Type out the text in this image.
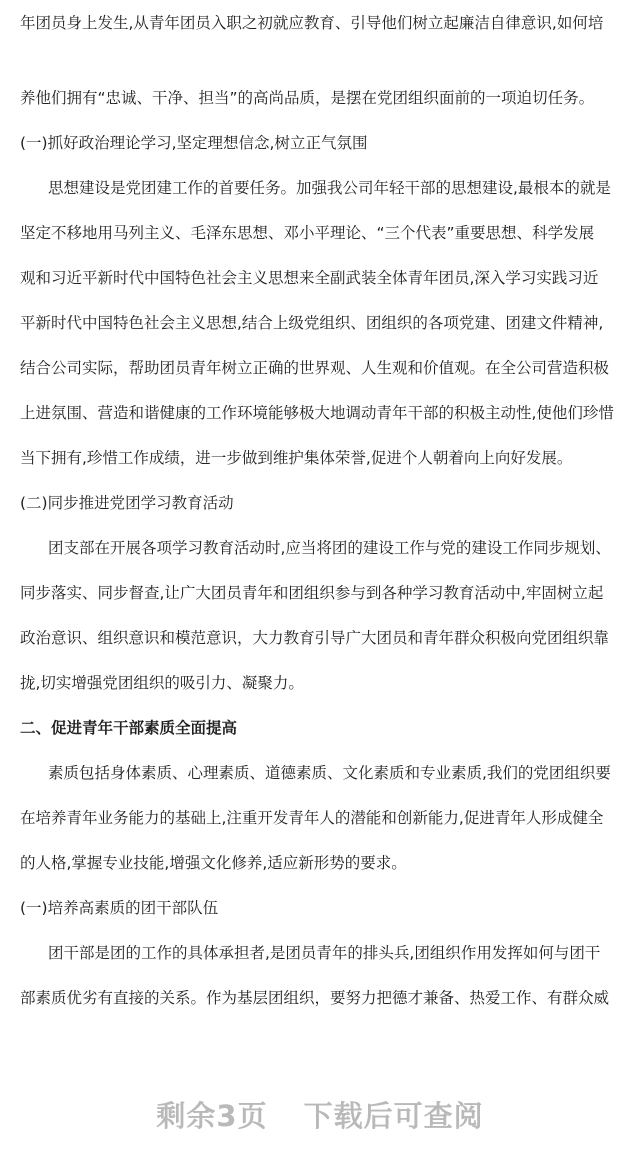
年团员身上发生,从青年团员入职之初就应教育、引导他们树立起廉洁自律意识,如何培
养他们拥有“忠诚、干净、担当”的高尚品质，是摆在党团组织面前的一项迫切任务。
(一)抓好政治理论学习,坚定理想信念,树立正气氛围
思想建设是党团建工作的首要任务。加强我公司年轻干部的思想建设,最根本的就是
坚定不移地用马列主义、毛泽东思想、邓小平理论、“三个代表”重要思想、科学发展
观和习近平新时代中国特色社会主义思想来全副武装全体青年团员,深入学习实践习近
平新时代中国特色社会主义思想,结合上级党组织、团组织的各项党建、团建文件精神,
结合公司实际，帮助团员青年树立正确的世界观、人生观和价值观。在全公司营造积极
上进氛围、营造和谐健康的工作环境能够极大地调动青年干部的积极主动性,使他们珍惜
当下拥有,珍惜工作成绩，进一步做到维护集体荣誉,促进个人朝着向上向好发展。
(二)同步推进党团学习教育活动
团支部在开展各项学习教育活动时,应当将团的建设工作与党的建设工作同步规划、
同步落实、同步督查,让广大团员青年和团组织参与到各种学习教育活动中,牢固树立起
政治意识、组织意识和模范意识，大力教育引导广大团员和青年群众积极向党团组织靠
拢,切实增强党团组织的吸引力、凝聚力。
二、促进青年干部素质全面提高
素质包括身体素质、心理素质、道德素质、文化素质和专业素质,我们的党团组织要
在培养青年业务能力的基础上,注重开发青年人的潜能和创新能力,促进青年人形成健全
的人格,掌握专业技能,增强文化修养,适应新形势的要求。
(一)培养高素质的团干部队伍
团干部是团的工作的具体承担者,是团员青年的排头兵,团组织作用发挥如何与团干
部素质优劣有直接的关系。作为基层团组织，要努力把德才兼备、热爱工作、有群众威
剩余3页 下载后可查阅
